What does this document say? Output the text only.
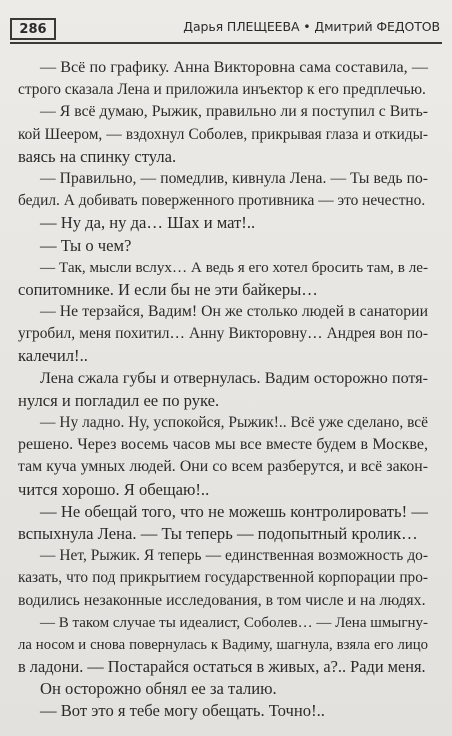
286	Дарья ПЛЕЩЕЕВА • Дмитрий ФЕДОТОВ
— Всё по графику. Анна Викторовна сама составила, —
строго сказала Лена и приложила инъектор к его предплечью.
— Я всё думаю, Рыжик, правильно ли я поступил с Вить-
кой Шеером, — вздохнул Соболев, прикрывая глаза и откиды-
ваясь на спинку стула.
— Правильно, — помедлив, кивнула Лена. — Ты ведь по-
бедил. А добивать поверженного противника — это нечестно.
— Ну да, ну да… Шах и мат!..
— Ты о чем?
— Так, мысли вслух… А ведь я его хотел бросить там, в ле-
сопитомнике. И если бы не эти байкеры…
— Не терзайся, Вадим! Он же столько людей в санатории
угробил, меня похитил… Анну Викторовну… Андрея вон по-
калечил!..
Лена сжала губы и отвернулась. Вадим осторожно потя-
нулся и погладил ее по руке.
— Ну ладно. Ну, успокойся, Рыжик!.. Всё уже сделано, всё
решено. Через восемь часов мы все вместе будем в Москве,
там куча умных людей. Они со всем разберутся, и всё закон-
чится хорошо. Я обещаю!..
— Не обещай того, что не можешь контролировать! —
вспыхнула Лена. — Ты теперь — подопытный кролик…
— Нет, Рыжик. Я теперь — единственная возможность до-
казать, что под прикрытием государственной корпорации про-
водились незаконные исследования, в том числе и на людях.
— В таком случае ты идеалист, Соболев… — Лена шмыгну-
ла носом и снова повернулась к Вадиму, шагнула, взяла его лицо
в ладони. — Постарайся остаться в живых, а?.. Ради меня.
Он осторожно обнял ее за талию.
— Вот это я тебе могу обещать. Точно!..
